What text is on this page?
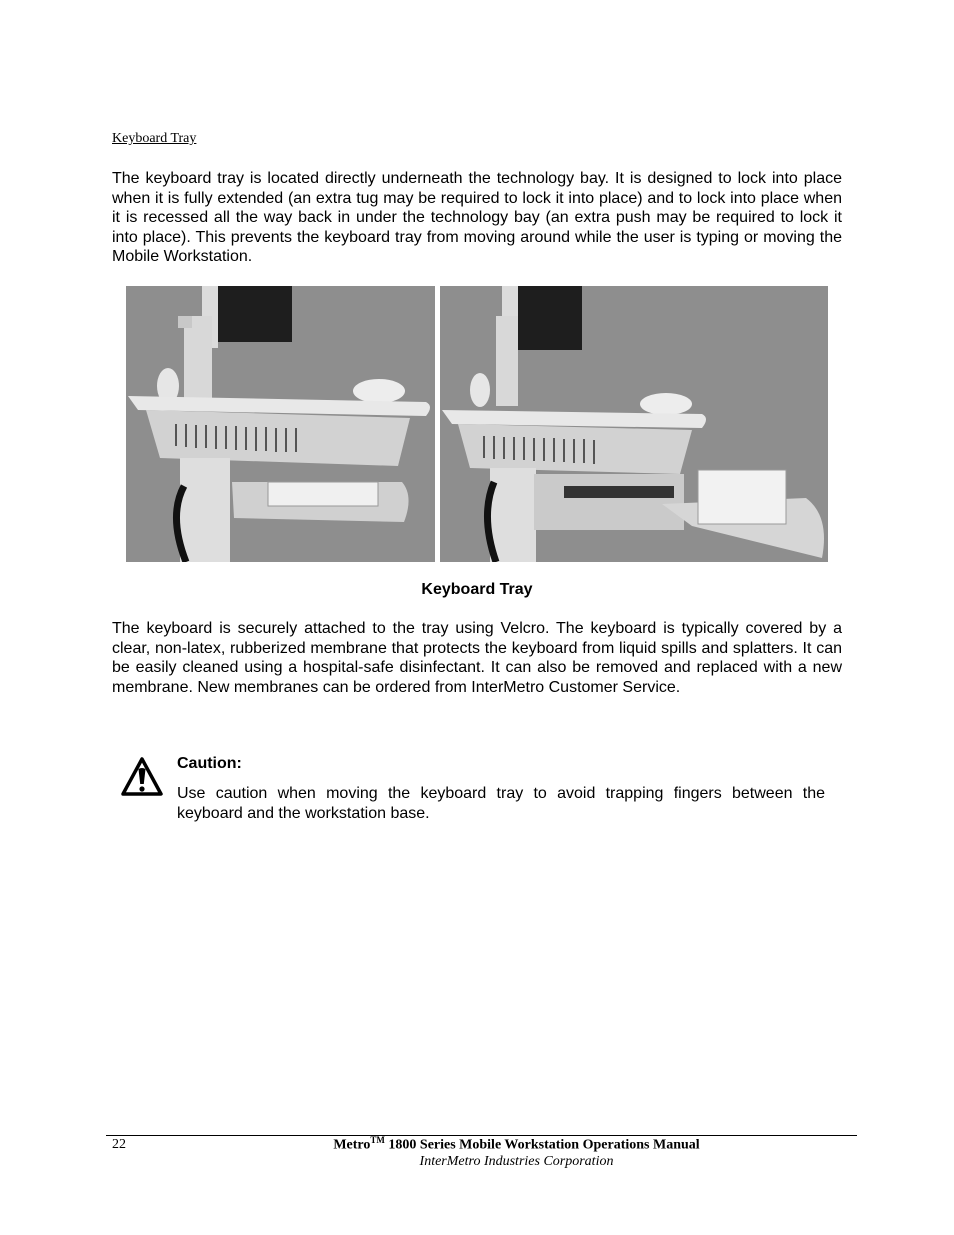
Keyboard Tray
The keyboard tray is located directly underneath the technology bay. It is designed to lock into place when it is fully extended (an extra tug may be required to lock it into place) and to lock into place when it is recessed all the way back in under the technology bay (an extra push may be required to lock it into place). This prevents the keyboard tray from moving around while the user is typing or moving the Mobile Workstation.
Keyboard Tray
The keyboard is securely attached to the tray using Velcro. The keyboard is typically covered by a clear, non-latex, rubberized membrane that protects the keyboard from liquid spills and splatters. It can be easily cleaned using a hospital-safe disinfectant. It can also be removed and replaced with a new membrane. New membranes can be ordered from InterMetro Customer Service.
Caution:
Use caution when moving the keyboard tray to avoid trapping fingers between the keyboard and the workstation base.
22	Metro™ 1800 Series Mobile Workstation Operations Manual
InterMetro Industries Corporation
